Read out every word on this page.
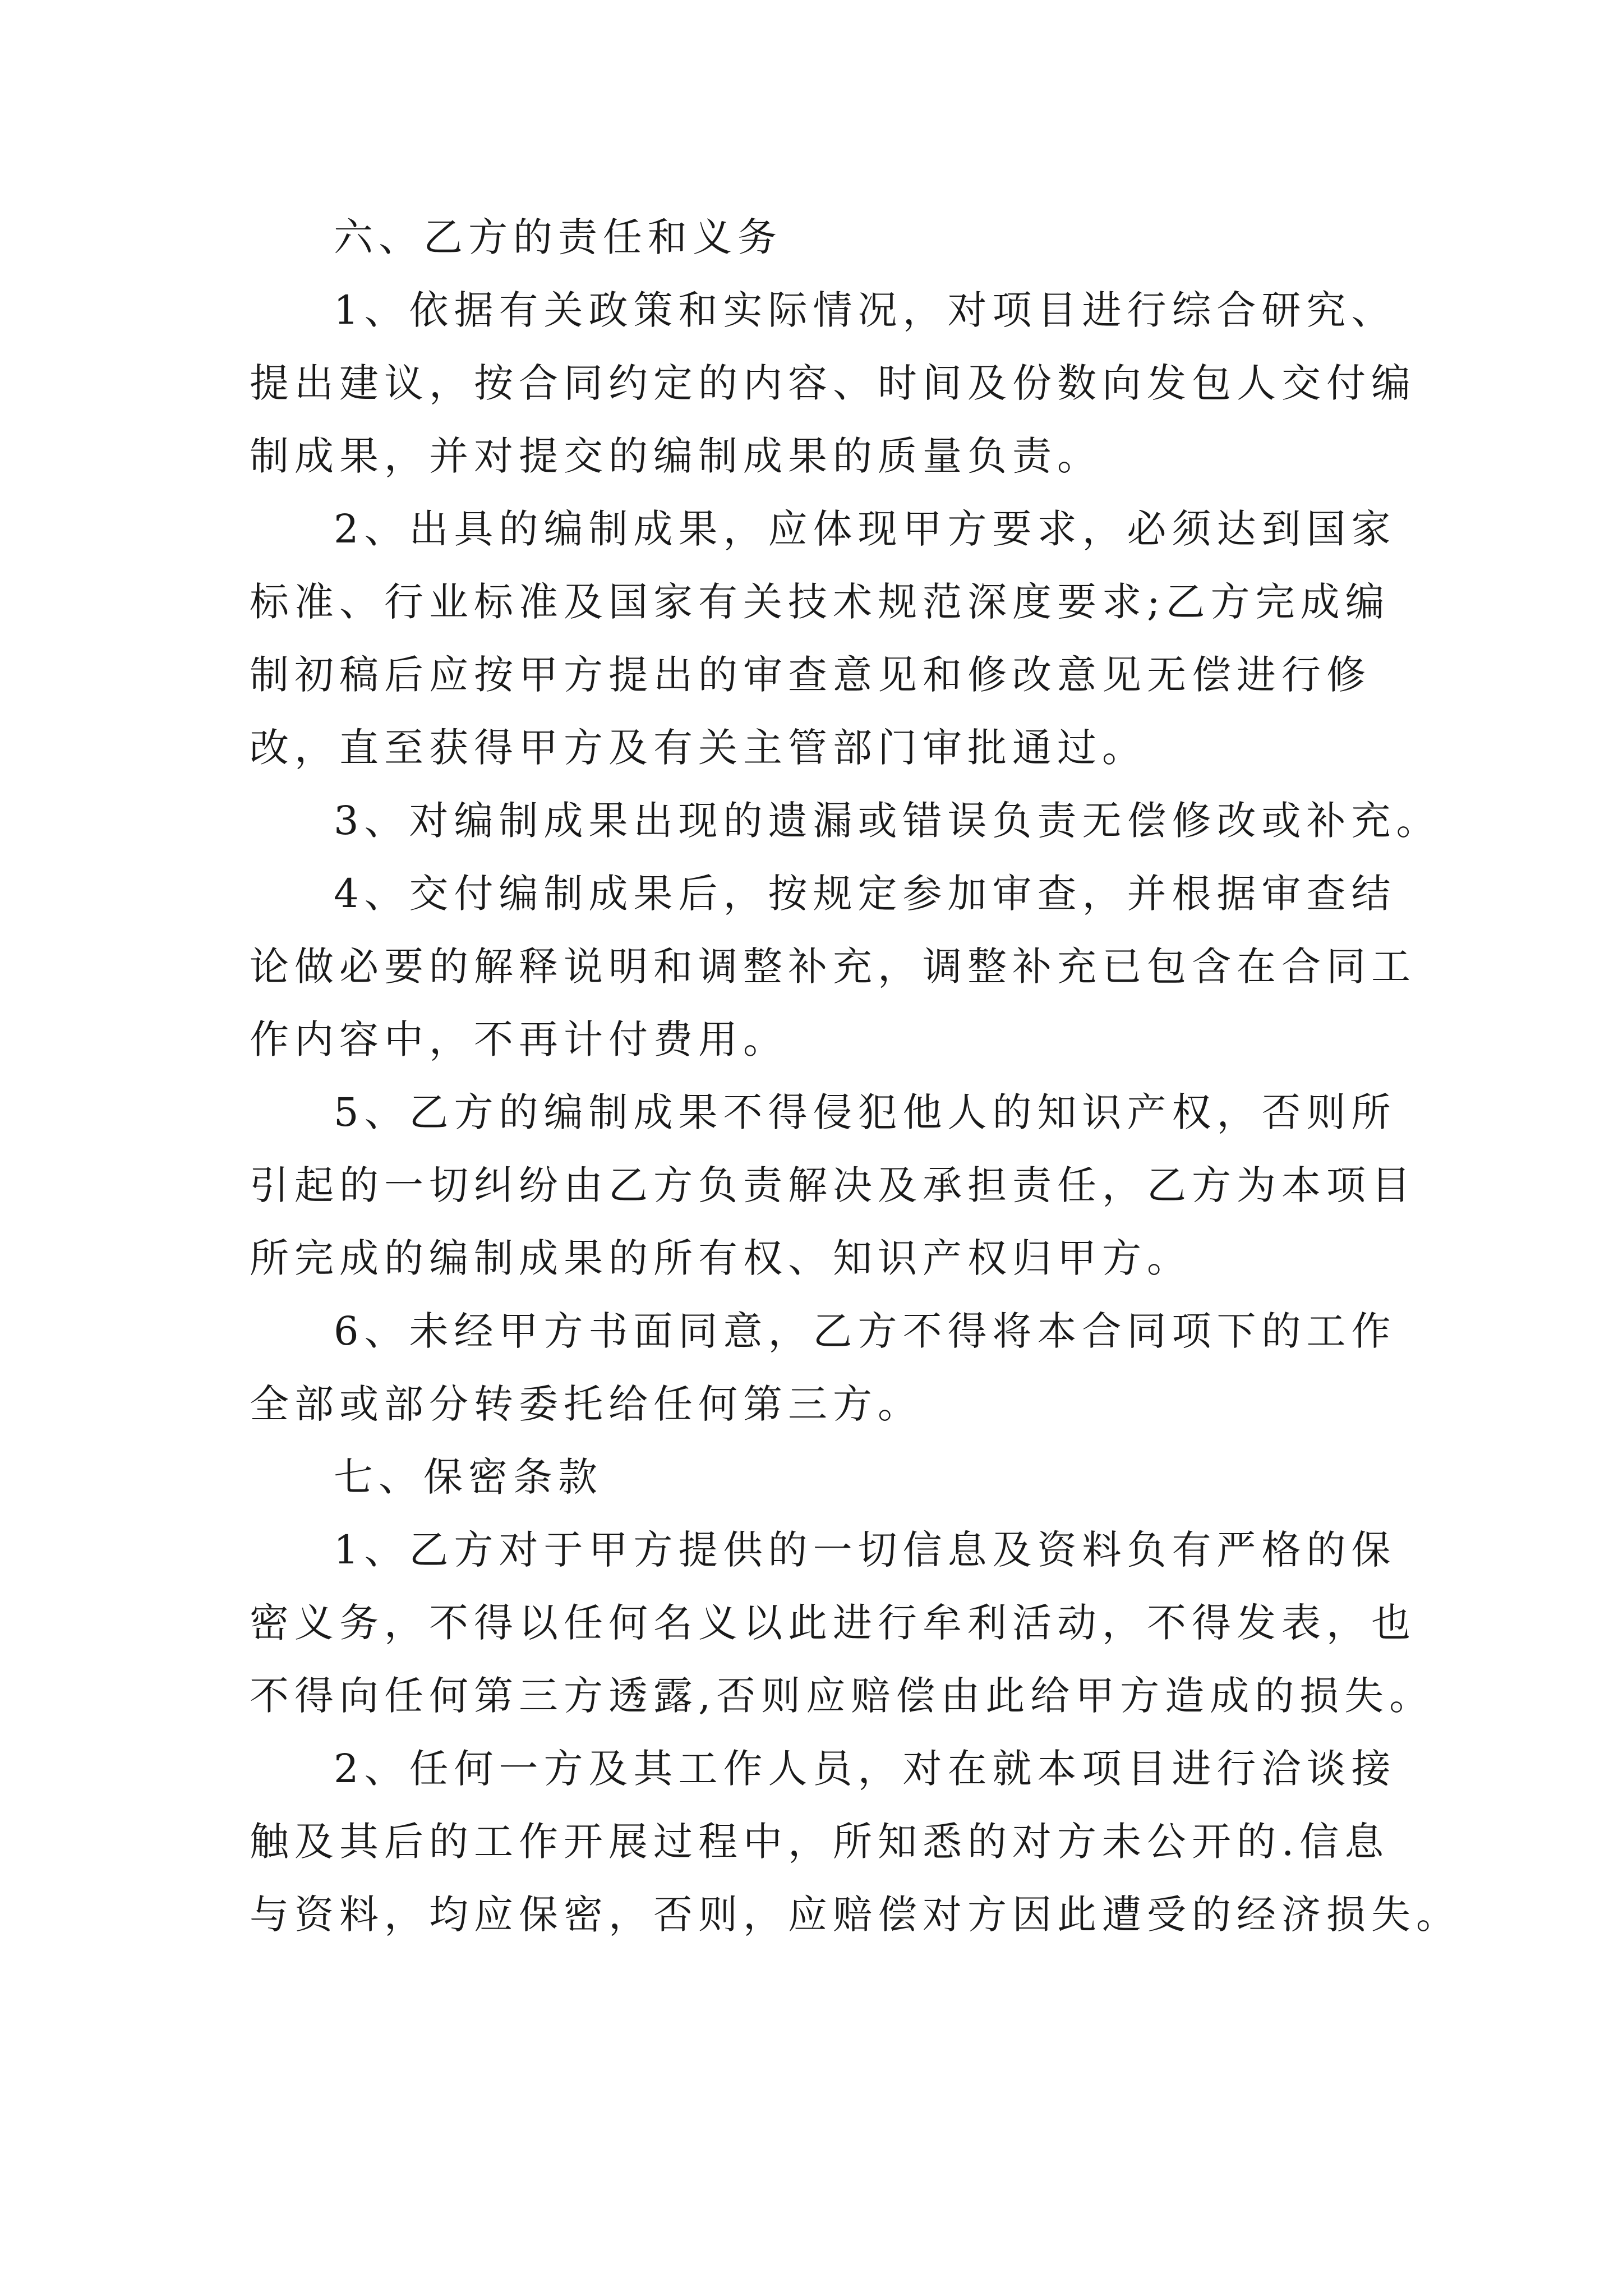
六、乙方的责任和义务
1、依据有关政策和实际情况，对项目进行综合研究、
提出建议，按合同约定的内容、时间及份数向发包人交付编
制成果，并对提交的编制成果的质量负责。
2、出具的编制成果，应体现甲方要求，必须达到国家
标准、行业标准及国家有关技术规范深度要求;乙方完成编
制初稿后应按甲方提出的审查意见和修改意见无偿进行修
改，直至获得甲方及有关主管部门审批通过。
3、对编制成果出现的遗漏或错误负责无偿修改或补充。
4、交付编制成果后，按规定参加审查，并根据审查结
论做必要的解释说明和调整补充，调整补充已包含在合同工
作内容中，不再计付费用。
5、乙方的编制成果不得侵犯他人的知识产权，否则所
引起的一切纠纷由乙方负责解决及承担责任，乙方为本项目
所完成的编制成果的所有权、知识产权归甲方。
6、未经甲方书面同意，乙方不得将本合同项下的工作
全部或部分转委托给任何第三方。
七、保密条款
1、乙方对于甲方提供的一切信息及资料负有严格的保
密义务，不得以任何名义以此进行牟利活动，不得发表，也
不得向任何第三方透露,否则应赔偿由此给甲方造成的损失。
2、任何一方及其工作人员，对在就本项目进行洽谈接
触及其后的工作开展过程中，所知悉的对方未公开的.信息
与资料，均应保密，否则，应赔偿对方因此遭受的经济损失。
